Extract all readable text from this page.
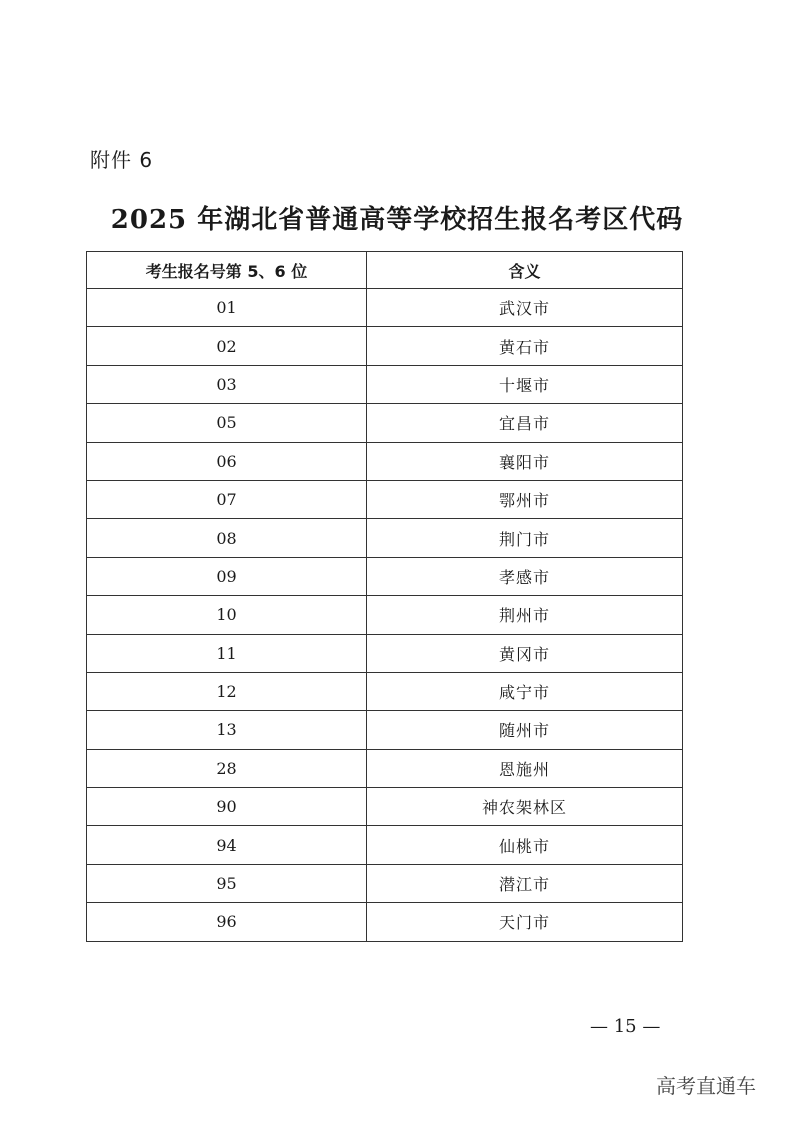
附件 6
2025 年湖北省普通高等学校招生报名考区代码
考生报名号第 5、6 位	含义
01	武汉市
02	黄石市
03	十堰市
05	宜昌市
06	襄阳市
07	鄂州市
08	荆门市
09	孝感市
10	荆州市
11	黄冈市
12	咸宁市
13	随州市
28	恩施州
90	神农架林区
94	仙桃市
95	潜江市
96	天门市
— 15 —
高考直通车
